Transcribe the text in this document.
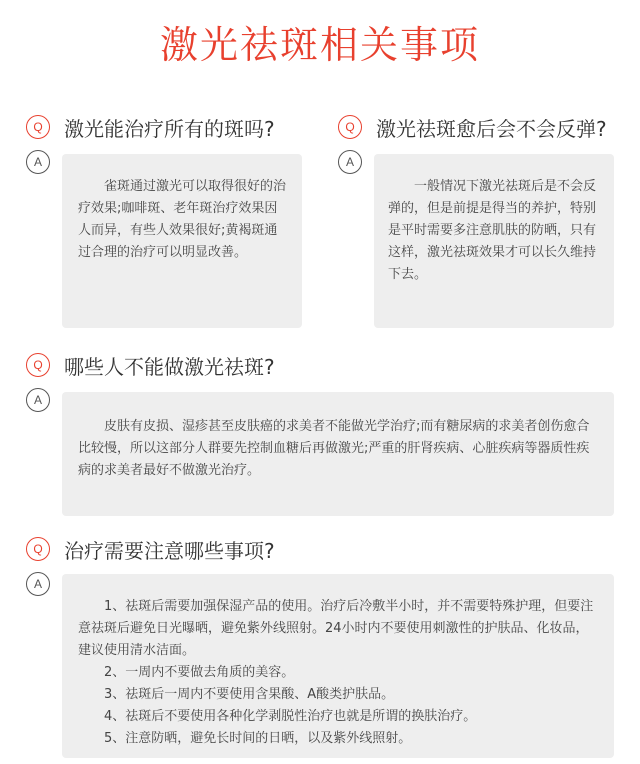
激光祛斑相关事项
Q	激光能治疗所有的斑吗?
A

雀斑通过激光可以取得很好的治疗效果;咖啡斑、老年斑治疗效果因人而异，有些人效果很好;黄褐斑通过合理的治疗可以明显改善。

Q	激光祛斑愈后会不会反弹?
A

一般情况下激光祛斑后是不会反弹的，但是前提是得当的养护，特别是平时需要多注意肌肤的防晒，只有这样，激光祛斑效果才可以长久维持下去。

Q	哪些人不能做激光祛斑?
A

皮肤有皮损、湿疹甚至皮肤癌的求美者不能做光学治疗;而有糖尿病的求美者创伤愈合比较慢，所以这部分人群要先控制血糖后再做激光;严重的肝肾疾病、心脏疾病等器质性疾病的求美者最好不做激光治疗。

Q	治疗需要注意哪些事项?
A

1、祛斑后需要加强保湿产品的使用。治疗后冷敷半小时，并不需要特殊护理，但要注意祛斑后避免日光曝晒，避免紫外线照射。24小时内不要使用刺激性的护肤品、化妆品，建议使用清水洁面。

2、一周内不要做去角质的美容。

3、祛斑后一周内不要使用含果酸、A酸类护肤品。

4、祛斑后不要使用各种化学剥脱性治疗也就是所谓的换肤治疗。

5、注意防晒，避免长时间的日晒，以及紫外线照射。
